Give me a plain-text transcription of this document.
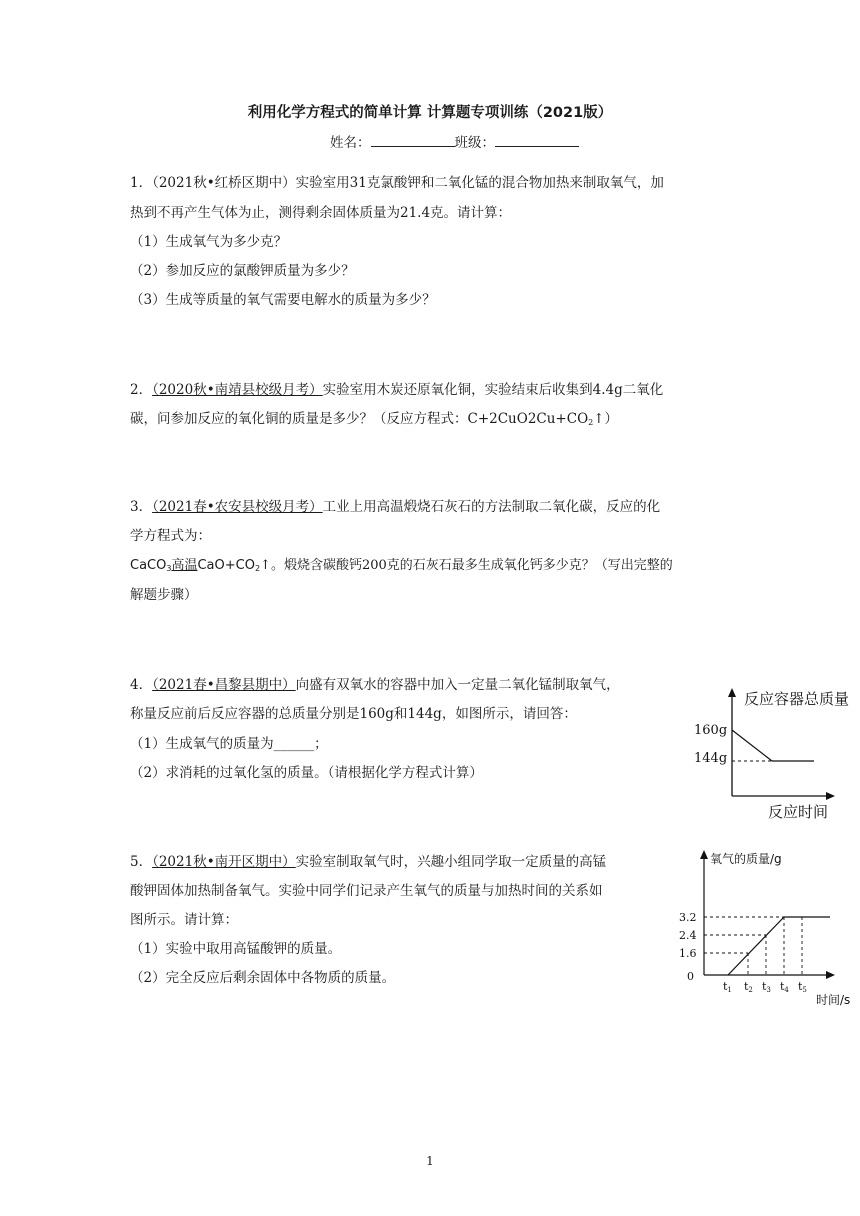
利用化学方程式的简单计算 计算题专项训练（2021版）
姓名：	班级：
1．（2021秋•红桥区期中）实验室用31克氯酸钾和二氧化锰的混合物加热来制取氧气，加
热到不再产生气体为止，测得剩余固体质量为21.4克。请计算：
（1）生成氧气为多少克？
（2）参加反应的氯酸钾质量为多少？
（3）生成等质量的氧气需要电解水的质量为多少？
2．（2020秋•南靖县校级月考）实验室用木炭还原氧化铜，实验结束后收集到4.4g二氧化
碳，问参加反应的氧化铜的质量是多少？（反应方程式：$C+2CuO2Cu+CO_2↑$）
3．（2021春•农安县校级月考）工业上用高温煅烧石灰石的方法制取二氧化碳，反应的化
学方程式为：
CaCO$_3$高温$CaO+CO_2↑$。煅烧含碳酸钙200克的石灰石最多生成氧化钙多少克？（写出完整的
解题步骤）
4．（2021春•昌黎县期中）向盛有双氧水的容器中加入一定量二氧化锰制取氧气，
称量反应前后反应容器的总质量分别是160g和144g，如图所示，请回答：
（1）生成氧气的质量为______；
（2）求消耗的过氧化氢的质量。（请根据化学方程式计算）
反应容器总质量
反应时间
160g
144g
5．（2021秋•南开区期中）实验室制取氧气时，兴趣小组同学取一定质量的高锰
酸钾固体加热制备氧气。实验中同学们记录产生氧气的质量与加热时间的关系如
图所示。请计算：
（1）实验中取用高锰酸钾的质量。
（2）完全反应后剩余固体中各物质的质量。
氧气的质量/g
时间/s
3.2
2.4
1.6
0
t1 t2 t3 t4 t5
1
